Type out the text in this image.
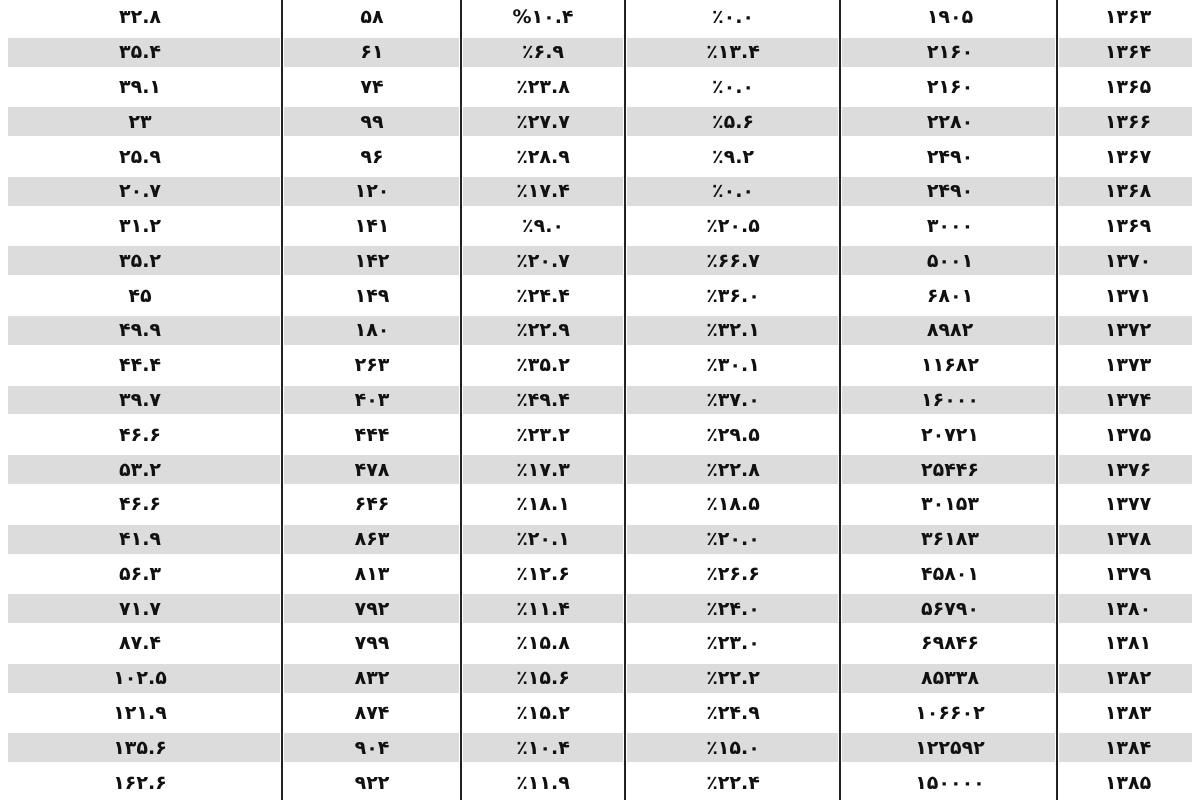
۳۲.۸	۵۸	%۱۰.۴	٪۰.۰	۱۹۰۵	۱۳۶۳
۳۵.۴	۶۱	٪۶.۹	٪۱۳.۴	۲۱۶۰	۱۳۶۴
۳۹.۱	۷۴	٪۲۳.۸	٪۰.۰	۲۱۶۰	۱۳۶۵
۲۳	۹۹	٪۲۷.۷	٪۵.۶	۲۲۸۰	۱۳۶۶
۲۵.۹	۹۶	٪۲۸.۹	٪۹.۲	۲۴۹۰	۱۳۶۷
۲۰.۷	۱۲۰	٪۱۷.۴	٪۰.۰	۲۴۹۰	۱۳۶۸
۳۱.۲	۱۴۱	٪۹.۰	٪۲۰.۵	۳۰۰۰	۱۳۶۹
۳۵.۲	۱۴۲	٪۲۰.۷	٪۶۶.۷	۵۰۰۱	۱۳۷۰
۴۵	۱۴۹	٪۲۴.۴	٪۳۶.۰	۶۸۰۱	۱۳۷۱
۴۹.۹	۱۸۰	٪۲۲.۹	٪۳۲.۱	۸۹۸۲	۱۳۷۲
۴۴.۴	۲۶۳	٪۳۵.۲	٪۳۰.۱	۱۱۶۸۲	۱۳۷۳
۳۹.۷	۴۰۳	٪۴۹.۴	٪۳۷.۰	۱۶۰۰۰	۱۳۷۴
۴۶.۶	۴۴۴	٪۲۳.۲	٪۲۹.۵	۲۰۷۲۱	۱۳۷۵
۵۳.۲	۴۷۸	٪۱۷.۳	٪۲۲.۸	۲۵۴۴۶	۱۳۷۶
۴۶.۶	۶۴۶	٪۱۸.۱	٪۱۸.۵	۳۰۱۵۳	۱۳۷۷
۴۱.۹	۸۶۳	٪۲۰.۱	٪۲۰.۰	۳۶۱۸۳	۱۳۷۸
۵۶.۳	۸۱۳	٪۱۲.۶	٪۲۶.۶	۴۵۸۰۱	۱۳۷۹
۷۱.۷	۷۹۲	٪۱۱.۴	٪۲۴.۰	۵۶۷۹۰	۱۳۸۰
۸۷.۴	۷۹۹	٪۱۵.۸	٪۲۳.۰	۶۹۸۴۶	۱۳۸۱
۱۰۲.۵	۸۳۲	٪۱۵.۶	٪۲۲.۲	۸۵۳۳۸	۱۳۸۲
۱۲۱.۹	۸۷۴	٪۱۵.۲	٪۲۴.۹	۱۰۶۶۰۲	۱۳۸۳
۱۳۵.۶	۹۰۴	٪۱۰.۴	٪۱۵.۰	۱۲۲۵۹۲	۱۳۸۴
۱۶۲.۶	۹۲۲	٪۱۱.۹	٪۲۲.۴	۱۵۰۰۰۰	۱۳۸۵
